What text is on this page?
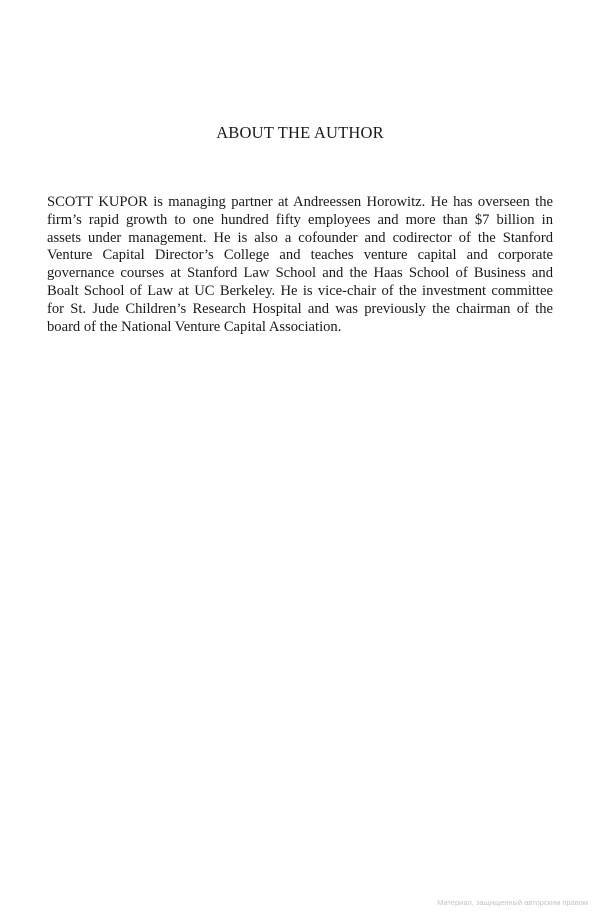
ABOUT THE AUTHOR
SCOTT KUPOR is managing partner at Andreessen Horowitz. He has overseen the
firm’s rapid growth to one hundred fifty employees and more than $7 billion in
assets under management. He is also a cofounder and codirector of the Stanford
Venture Capital Director’s College and teaches venture capital and corporate
governance courses at Stanford Law School and the Haas School of Business and
Boalt School of Law at UC Berkeley. He is vice-chair of the investment committee
for St. Jude Children’s Research Hospital and was previously the chairman of the
board of the National Venture Capital Association.
Материал, защищенный авторским правом
